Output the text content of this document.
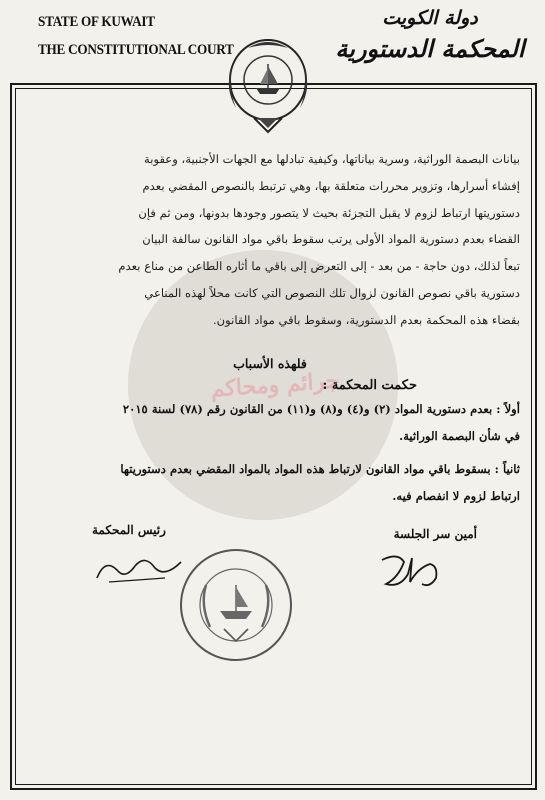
STATE OF KUWAIT
THE CONSTITUTIONAL COURT
دولة الكويت
المحكمة الدستورية
جرائم ومحاكم

بيانات البصمة الوراثية، وسرية بياناتها، وكيفية تبادلها مع الجهات الأجنبية، وعقوبة

إفشاء أسرارها، وتزوير محررات متعلقة بها، وهي ترتبط بالنصوص المقضي بعدم

دستوريتها ارتباط لزوم لا يقبل التجزئة بحيث لا يتصور وجودها بدونها، ومن ثم فإن

القضاء بعدم دستورية المواد الأولى يرتب سقوط باقي مواد القانون سالفة البيان

تبعاً لذلك، دون حاجة - من بعد - إلى التعرض إلى باقي ما أثاره الطاعن من مناع بعدم

دستورية باقي نصوص القانون لزوال تلك النصوص التي كانت محلاً لهذه المناعي

بقضاء هذه المحكمة بعدم الدستورية، وسقوط باقي مواد القانون.

فلهذه الأسباب
حكمت المحكمة :

أولاً : بعدم دستورية المواد (٢) و(٤) و(٨) و(١١) من القانون رقم (٧٨) لسنة ٢٠١٥

في شأن البصمة الوراثية.

ثانياً : بسقوط باقي مواد القانون لارتباط هذه المواد بالمواد المقضي بعدم دستوريتها

ارتباط لزوم لا انفصام فيه.

أمين سر الجلسة
رئيس المحكمة
